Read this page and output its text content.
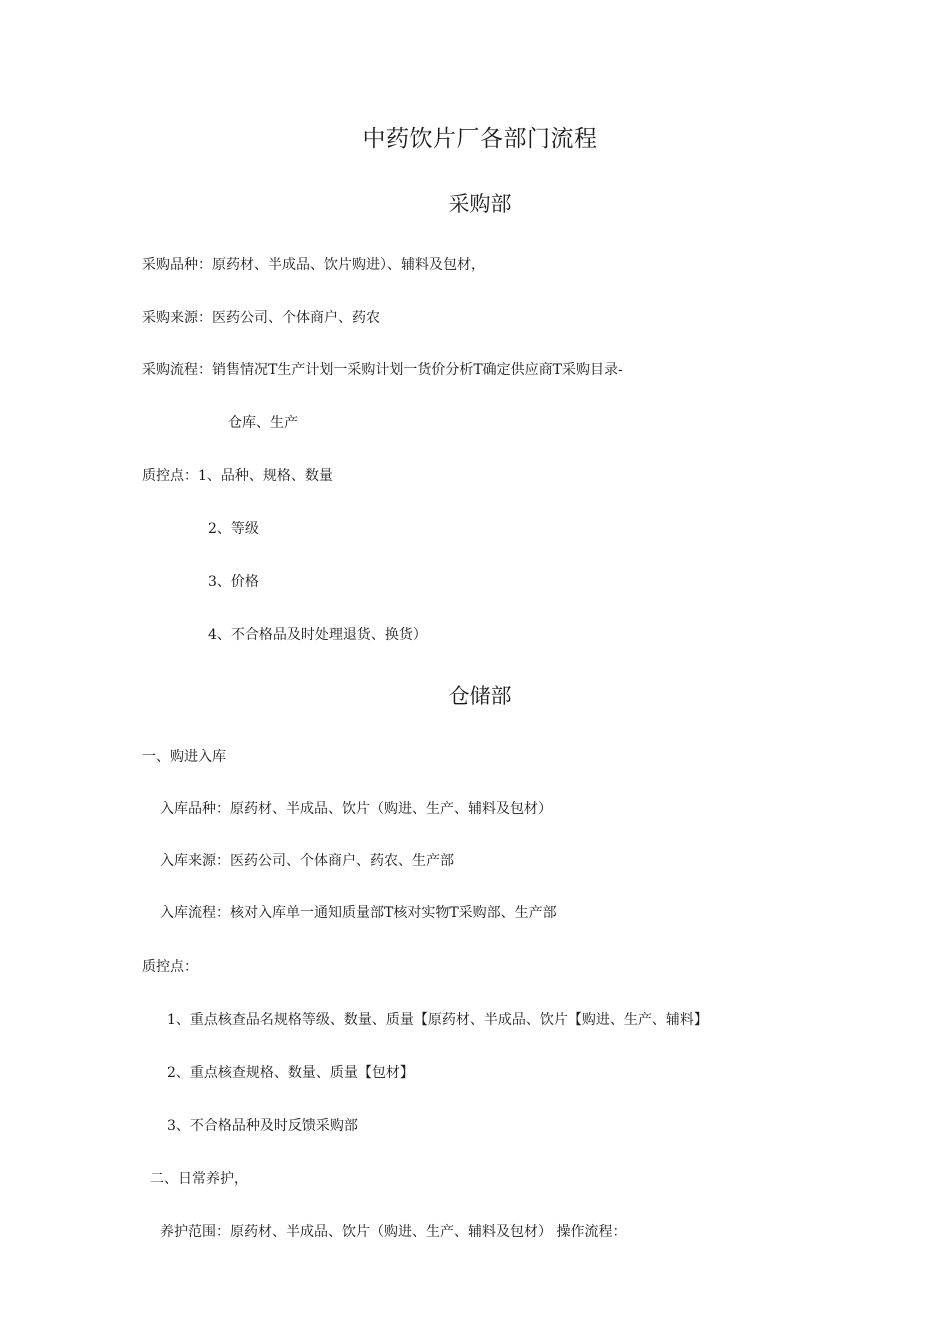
中药饮片厂各部门流程
采购部
采购品种：原药材、半成品、饮片购进）、辅料及包材，
采购来源：医药公司、个体商户、药农
采购流程：销售情况T生产计划一采购计划一货价分析T确定供应商T采购目录-
仓库、生产
质控点：1、品种、规格、数量
2、等级
3、价格
4、不合格品及时处理退货、换货）
仓储部
一、购进入库
入库品种：原药材、半成品、饮片（购进、生产、辅料及包材）
入库来源：医药公司、个体商户、药农、生产部
入库流程：核对入库单一通知质量部T核对实物T采购部、生产部
质控点：
1、重点核查品名规格等级、数量、质量【原药材、半成品、饮片【购进、生产、辅料】
2、重点核查规格、数量、质量【包材】
3、不合格品种及时反馈采购部
二、日常养护，
养护范围：原药材、半成品、饮片（购进、生产、辅料及包材） 操作流程：
